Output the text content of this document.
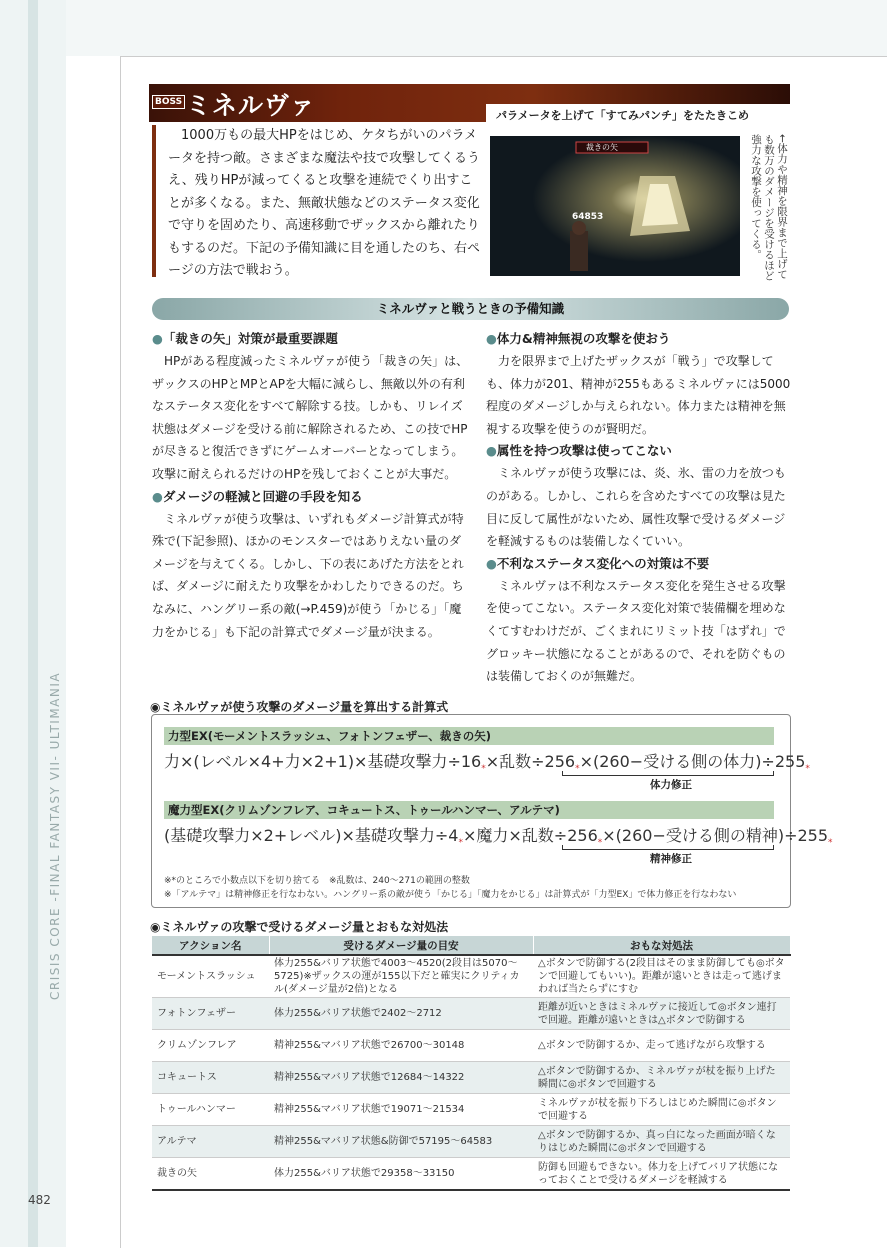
CRISIS CORE -FINAL FANTASY VII- ULTIMANIA
482
BOSS ミネルヴァ	パラメータを上げて「すてみパンチ」をたたきこめ
1000万もの最大HPをはじめ、ケタちがいのパラメータを持つ敵。さまざまな魔法や技で攻撃してくるうえ、残りHPが減ってくると攻撃を連続でくり出すことが多くなる。また、無敵状態などのステータス変化で守りを固めたり、高速移動でザックスから離れたりもするのだ。下記の予備知識に目を通したのち、右ページの方法で戦おう。
裁きの矢
64853	←体力や精神を限界まで上げても数万のダメージを受けるほど強力な攻撃を使ってくる。
ミネルヴァと戦うときの予備知識
● 「裁きの矢」対策が最重要課題

HPがある程度減ったミネルヴァが使う「裁きの矢」は、ザックスのHPとMPとAPを大幅に減らし、無敵以外の有利なステータス変化をすべて解除する技。しかも、リレイズ状態はダメージを受ける前に解除されるため、この技でHPが尽きると復活できずにゲームオーバーとなってしまう。攻撃に耐えられるだけのHPを残しておくことが大事だ。

● ダメージの軽減と回避の手段を知る

ミネルヴァが使う攻撃は、いずれもダメージ計算式が特殊で(下記参照)、ほかのモンスターではありえない量のダメージを与えてくる。しかし、下の表にあげた方法をとれば、ダメージに耐えたり攻撃をかわしたりできるのだ。ちなみに、ハングリー系の敵(→P.459)が使う「かじる」「魔力をかじる」も下記の計算式でダメージ量が決まる。

● 体力&精神無視の攻撃を使おう

力を限界まで上げたザックスが「戦う」で攻撃しても、体力が201、精神が255もあるミネルヴァには5000程度のダメージしか与えられない。体力または精神を無視する攻撃を使うのが賢明だ。

● 属性を持つ攻撃は使ってこない

ミネルヴァが使う攻撃には、炎、氷、雷の力を放つものがある。しかし、これらを含めたすべての攻撃は見た目に反して属性がないため、属性攻撃で受けるダメージを軽減するものは装備しなくていい。

● 不利なステータス変化への対策は不要

ミネルヴァは不利なステータス変化を発生させる攻撃を使ってこない。ステータス変化対策で装備欄を埋めなくてすむわけだが、ごくまれにリミット技「はずれ」でグロッキー状態になることがあるので、それを防ぐものは装備しておくのが無難だ。

◉ミネルヴァが使う攻撃のダメージ量を算出する計算式
力型EX(モーメントスラッシュ、フォトンフェザー、裁きの矢)
力×(レベル×4+力×2+1)×基礎攻撃力$\div 16_*\times$乱数$\div 256_*\times(260-$受ける側の体力)$\div 255_*$
体力修正
魔力型EX(クリムゾンフレア、コキュートス、トゥールハンマー、アルテマ)
(基礎攻撃力×2+レベル)×基礎攻撃力$\div 4_*\times$魔力×乱数$\div 256_*\times(260-$受ける側の精神)$\div 255_*$
精神修正
※*のところで小数点以下を切り捨てる　※乱数は、240〜271の範囲の整数
※「アルテマ」は精神修正を行なわない。ハングリー系の敵が使う「かじる」「魔力をかじる」は計算式が「力型EX」で体力修正を行なわない
◉ミネルヴァの攻撃で受けるダメージ量とおもな対処法
アクション名	受けるダメージ量の目安	おもな対処法
モーメントスラッシュ	体力255&バリア状態で4003〜4520(2段目は5070〜5725)※ザックスの運が155以下だと確実にクリティカル(ダメージ量が2倍)となる	△ボタンで防御する(2段目はそのまま防御しても◎ボタンで回避してもいい)。距離が遠いときは走って逃げまわれば当たらずにすむ
フォトンフェザー	体力255&バリア状態で2402〜2712	距離が近いときはミネルヴァに接近して◎ボタン連打で回避。距離が遠いときは△ボタンで防御する
クリムゾンフレア	精神255&マバリア状態で26700〜30148	△ボタンで防御するか、走って逃げながら攻撃する
コキュートス	精神255&マバリア状態で12684〜14322	△ボタンで防御するか、ミネルヴァが杖を振り上げた瞬間に◎ボタンで回避する
トゥールハンマー	精神255&マバリア状態で19071〜21534	ミネルヴァが杖を振り下ろしはじめた瞬間に◎ボタンで回避する
アルテマ	精神255&マバリア状態&防御で57195〜64583	△ボタンで防御するか、真っ白になった画面が暗くなりはじめた瞬間に◎ボタンで回避する
裁きの矢	体力255&バリア状態で29358〜33150	防御も回避もできない。体力を上げてバリア状態になっておくことで受けるダメージを軽減する
